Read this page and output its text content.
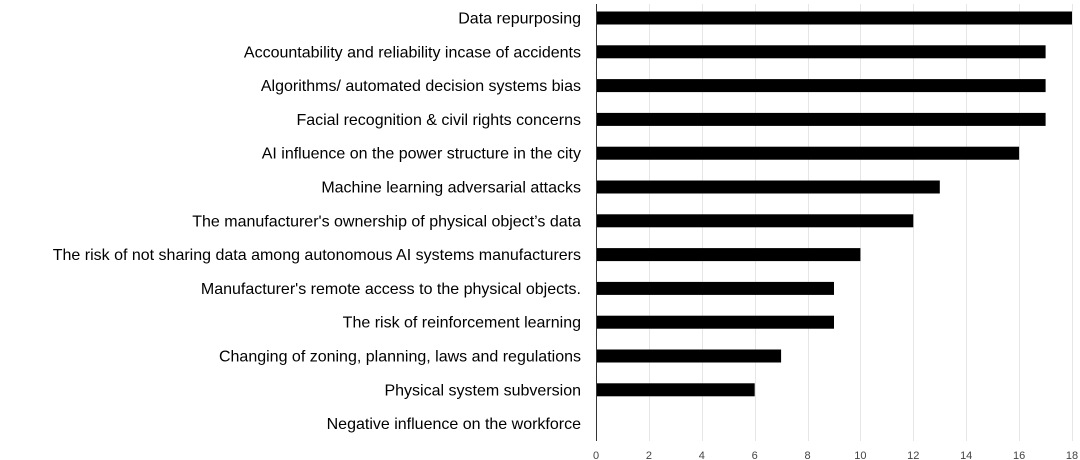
Data repurposing
Accountability and reliability incase of accidents
Algorithms/ automated decision systems bias
Facial recognition & civil rights concerns
AI influence on the power structure in the city
Machine learning adversarial attacks
The manufacturer's ownership of physical object’s data
The risk of not sharing data among autonomous AI systems manufacturers
Manufacturer's remote access to the physical objects.
The risk of reinforcement learning
Changing of zoning, planning, laws and regulations
Physical system subversion
Negative influence on the workforce
0	2	4	6	8	10	12	14	16	18
